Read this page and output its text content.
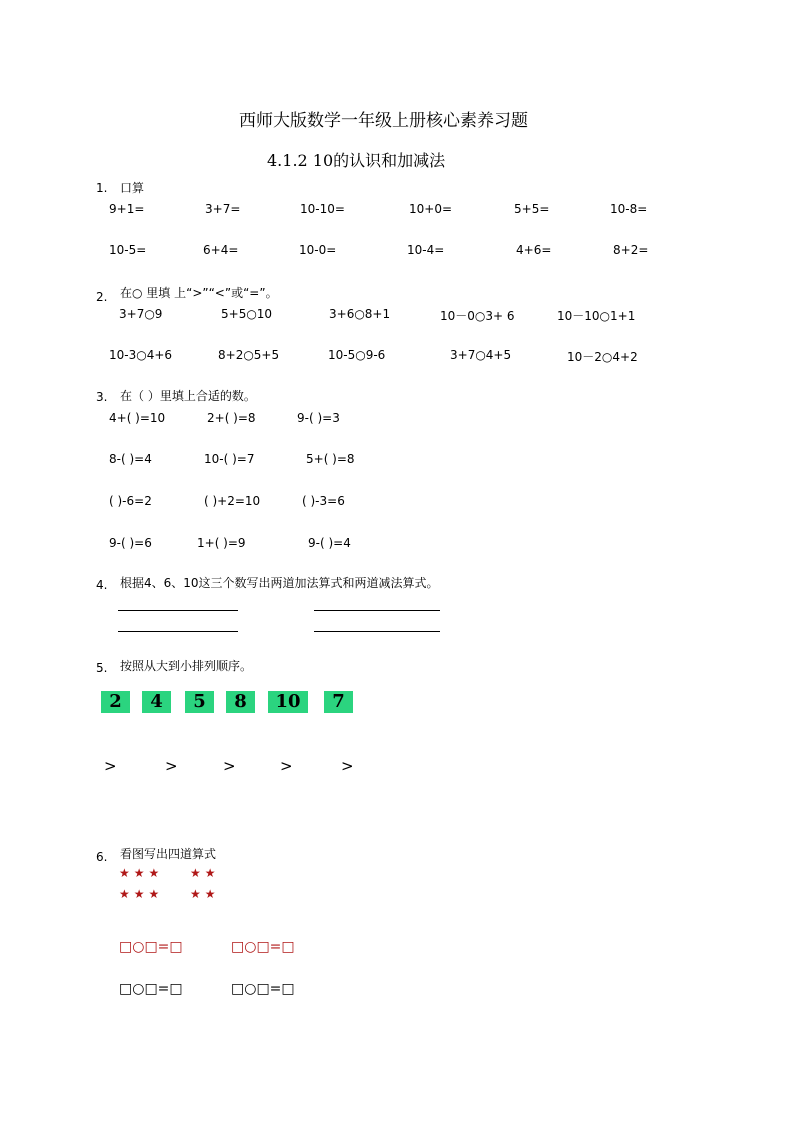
西师大版数学一年级上册核心素养习题
4.1.2 10的认识和加减法
1. 口算
9+1=	3+7=	10-10=	10+0=	5+5=	10-8=
10-5=	6+4=	10-0=	10-4=	4+6=	8+2=
2. 在○ 里填 上“>”“<”或“=”。
3+7○9	5+5○10	3+6○8+1	10－0○3+ 6	10－10○1+1
10-3○4+6	8+2○5+5	10-5○9-6	3+7○4+5	10－2○4+2
3. 在（ ）里填上合适的数。
4+( )=10	2+( )=8	9-( )=3
8-( )=4	10-( )=7	5+( )=8
( )-6=2	( )+2=10	( )-3=6
9-( )=6	1+( )=9	9-( )=4
4. 根据4、6、10这三个数写出两道加法算式和两道减法算式。
5. 按照从大到小排列顺序。
2	4	5	8	10	7
>	>	>	>	>
6. 看图写出四道算式
★★★ ★★
★★★ ★★
□○□=□	□○□=□
□○□=□	□○□=□
